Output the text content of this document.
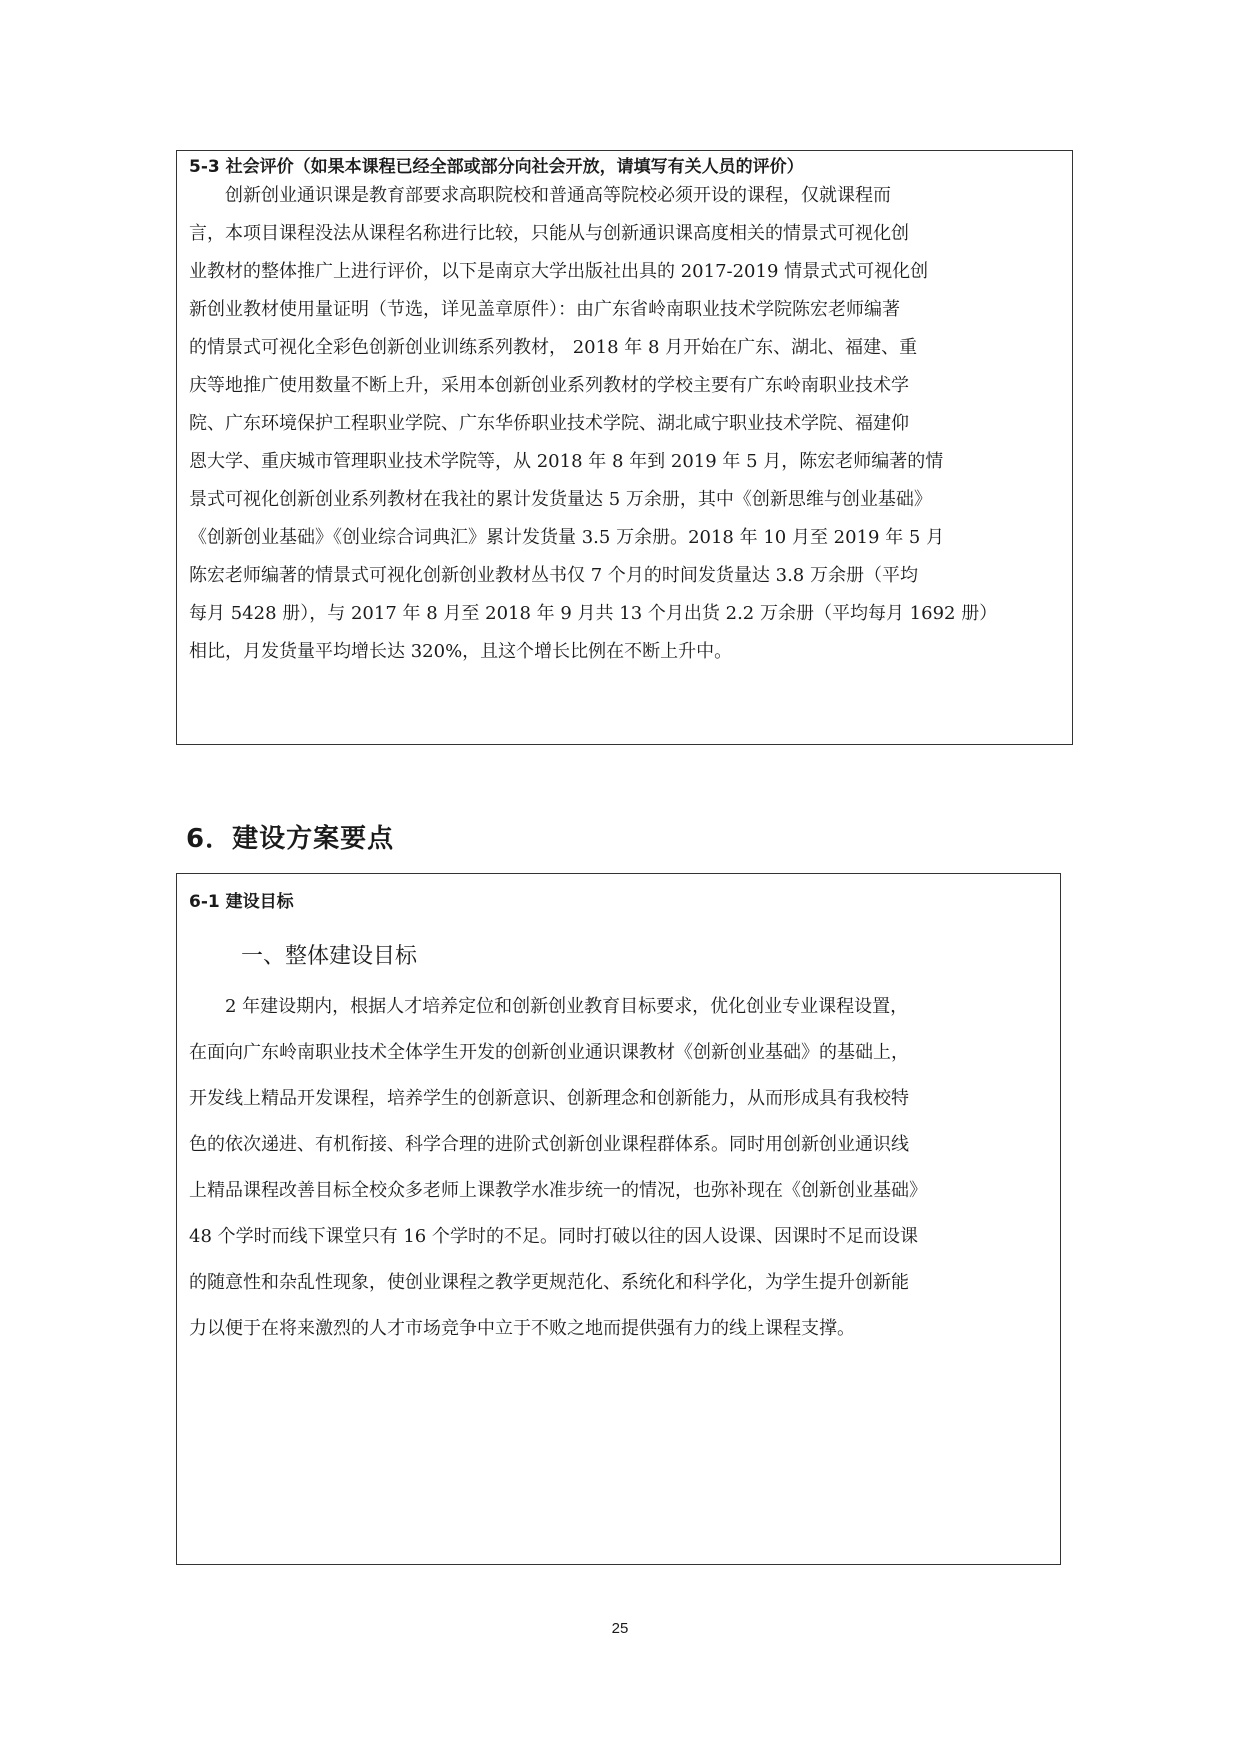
5-3 社会评价（如果本课程已经全部或部分向社会开放，请填写有关人员的评价）

创新创业通识课是教育部要求高职院校和普通高等院校必须开设的课程，仅就课程而

言，本项目课程没法从课程名称进行比较，只能从与创新通识课高度相关的情景式可视化创

业教材的整体推广上进行评价，以下是南京大学出版社出具的 2017-2019 情景式式可视化创

新创业教材使用量证明（节选，详见盖章原件）：由广东省岭南职业技术学院陈宏老师编著

的情景式可视化全彩色创新创业训练系列教材， 2018 年 8 月开始在广东、湖北、福建、重

庆等地推广使用数量不断上升，采用本创新创业系列教材的学校主要有广东岭南职业技术学

院、广东环境保护工程职业学院、广东华侨职业技术学院、湖北咸宁职业技术学院、福建仰

恩大学、重庆城市管理职业技术学院等，从 2018 年 8 年到 2019 年 5 月，陈宏老师编著的情

景式可视化创新创业系列教材在我社的累计发货量达 5 万余册，其中《创新思维与创业基础》

《创新创业基础》《创业综合词典汇》累计发货量 3.5 万余册。2018 年 10 月至 2019 年 5 月

陈宏老师编著的情景式可视化创新创业教材丛书仅 7 个月的时间发货量达 3.8 万余册（平均

每月 5428 册），与 2017 年 8 月至 2018 年 9 月共 13 个月出货 2.2 万余册（平均每月 1692 册）

相比，月发货量平均增长达 320%，且这个增长比例在不断上升中。

6．建设方案要点

6-1 建设目标

一、整体建设目标

2 年建设期内，根据人才培养定位和创新创业教育目标要求，优化创业专业课程设置，

在面向广东岭南职业技术全体学生开发的创新创业通识课教材《创新创业基础》的基础上，

开发线上精品开发课程，培养学生的创新意识、创新理念和创新能力，从而形成具有我校特

色的依次递进、有机衔接、科学合理的进阶式创新创业课程群体系。同时用创新创业通识线

上精品课程改善目标全校众多老师上课教学水准步统一的情况，也弥补现在《创新创业基础》

48 个学时而线下课堂只有 16 个学时的不足。同时打破以往的因人设课、因课时不足而设课

的随意性和杂乱性现象，使创业课程之教学更规范化、系统化和科学化，为学生提升创新能

力以便于在将来激烈的人才市场竞争中立于不败之地而提供强有力的线上课程支撑。

25
